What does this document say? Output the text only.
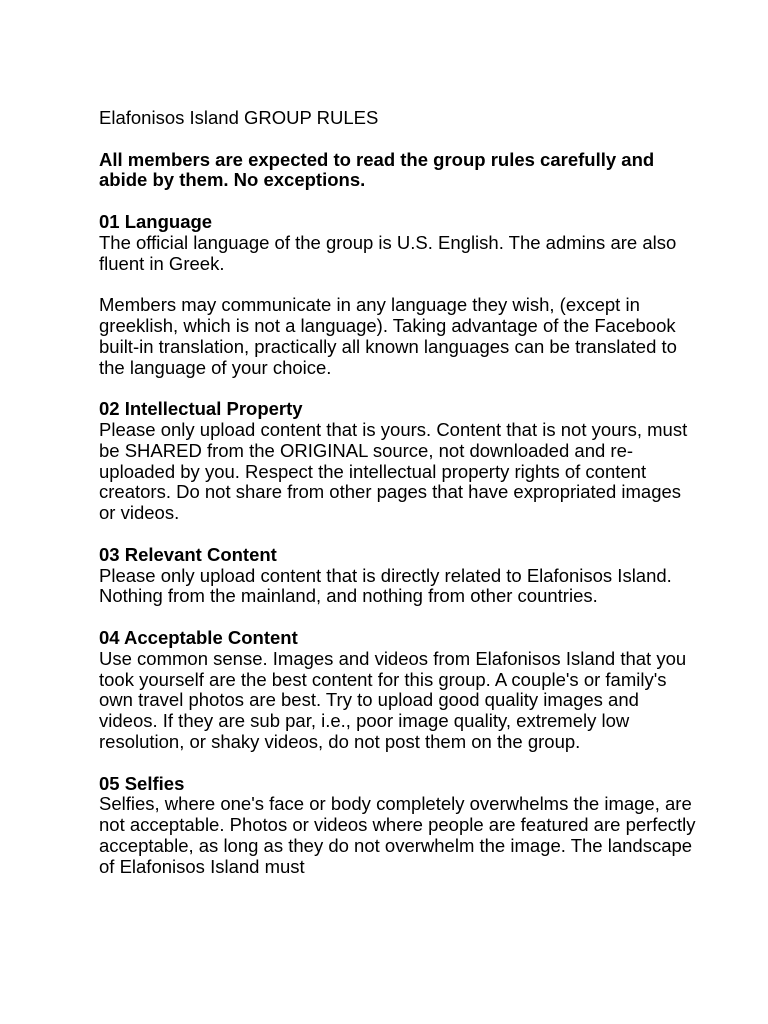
Elafonisos Island GROUP RULES

All members are expected to read the group rules carefully and abide by them. No exceptions.

01 Language

The official language of the group is U.S. English. The admins are also fluent in Greek.

Members may communicate in any language they wish, (except in greeklish, which is not a language). Taking advantage of the Facebook built-in translation, practically all known languages can be translated to the language of your choice.

02 Intellectual Property

Please only upload content that is yours. Content that is not yours, must be SHARED from the ORIGINAL source, not downloaded and re-uploaded by you. Respect the intellectual property rights of content creators. Do not share from other pages that have expropriated images or videos.

03 Relevant Content

Please only upload content that is directly related to Elafonisos Island. Nothing from the mainland, and nothing from other countries.

04 Acceptable Content

Use common sense. Images and videos from Elafonisos Island that you took yourself are the best content for this group. A couple's or family's own travel photos are best. Try to upload good quality images and videos. If they are sub par, i.e., poor image quality, extremely low resolution, or shaky videos, do not post them on the group.

05 Selfies

Selfies, where one's face or body completely overwhelms the image, are not acceptable. Photos or videos where people are featured are perfectly acceptable, as long as they do not overwhelm the image. The landscape of Elafonisos Island must
